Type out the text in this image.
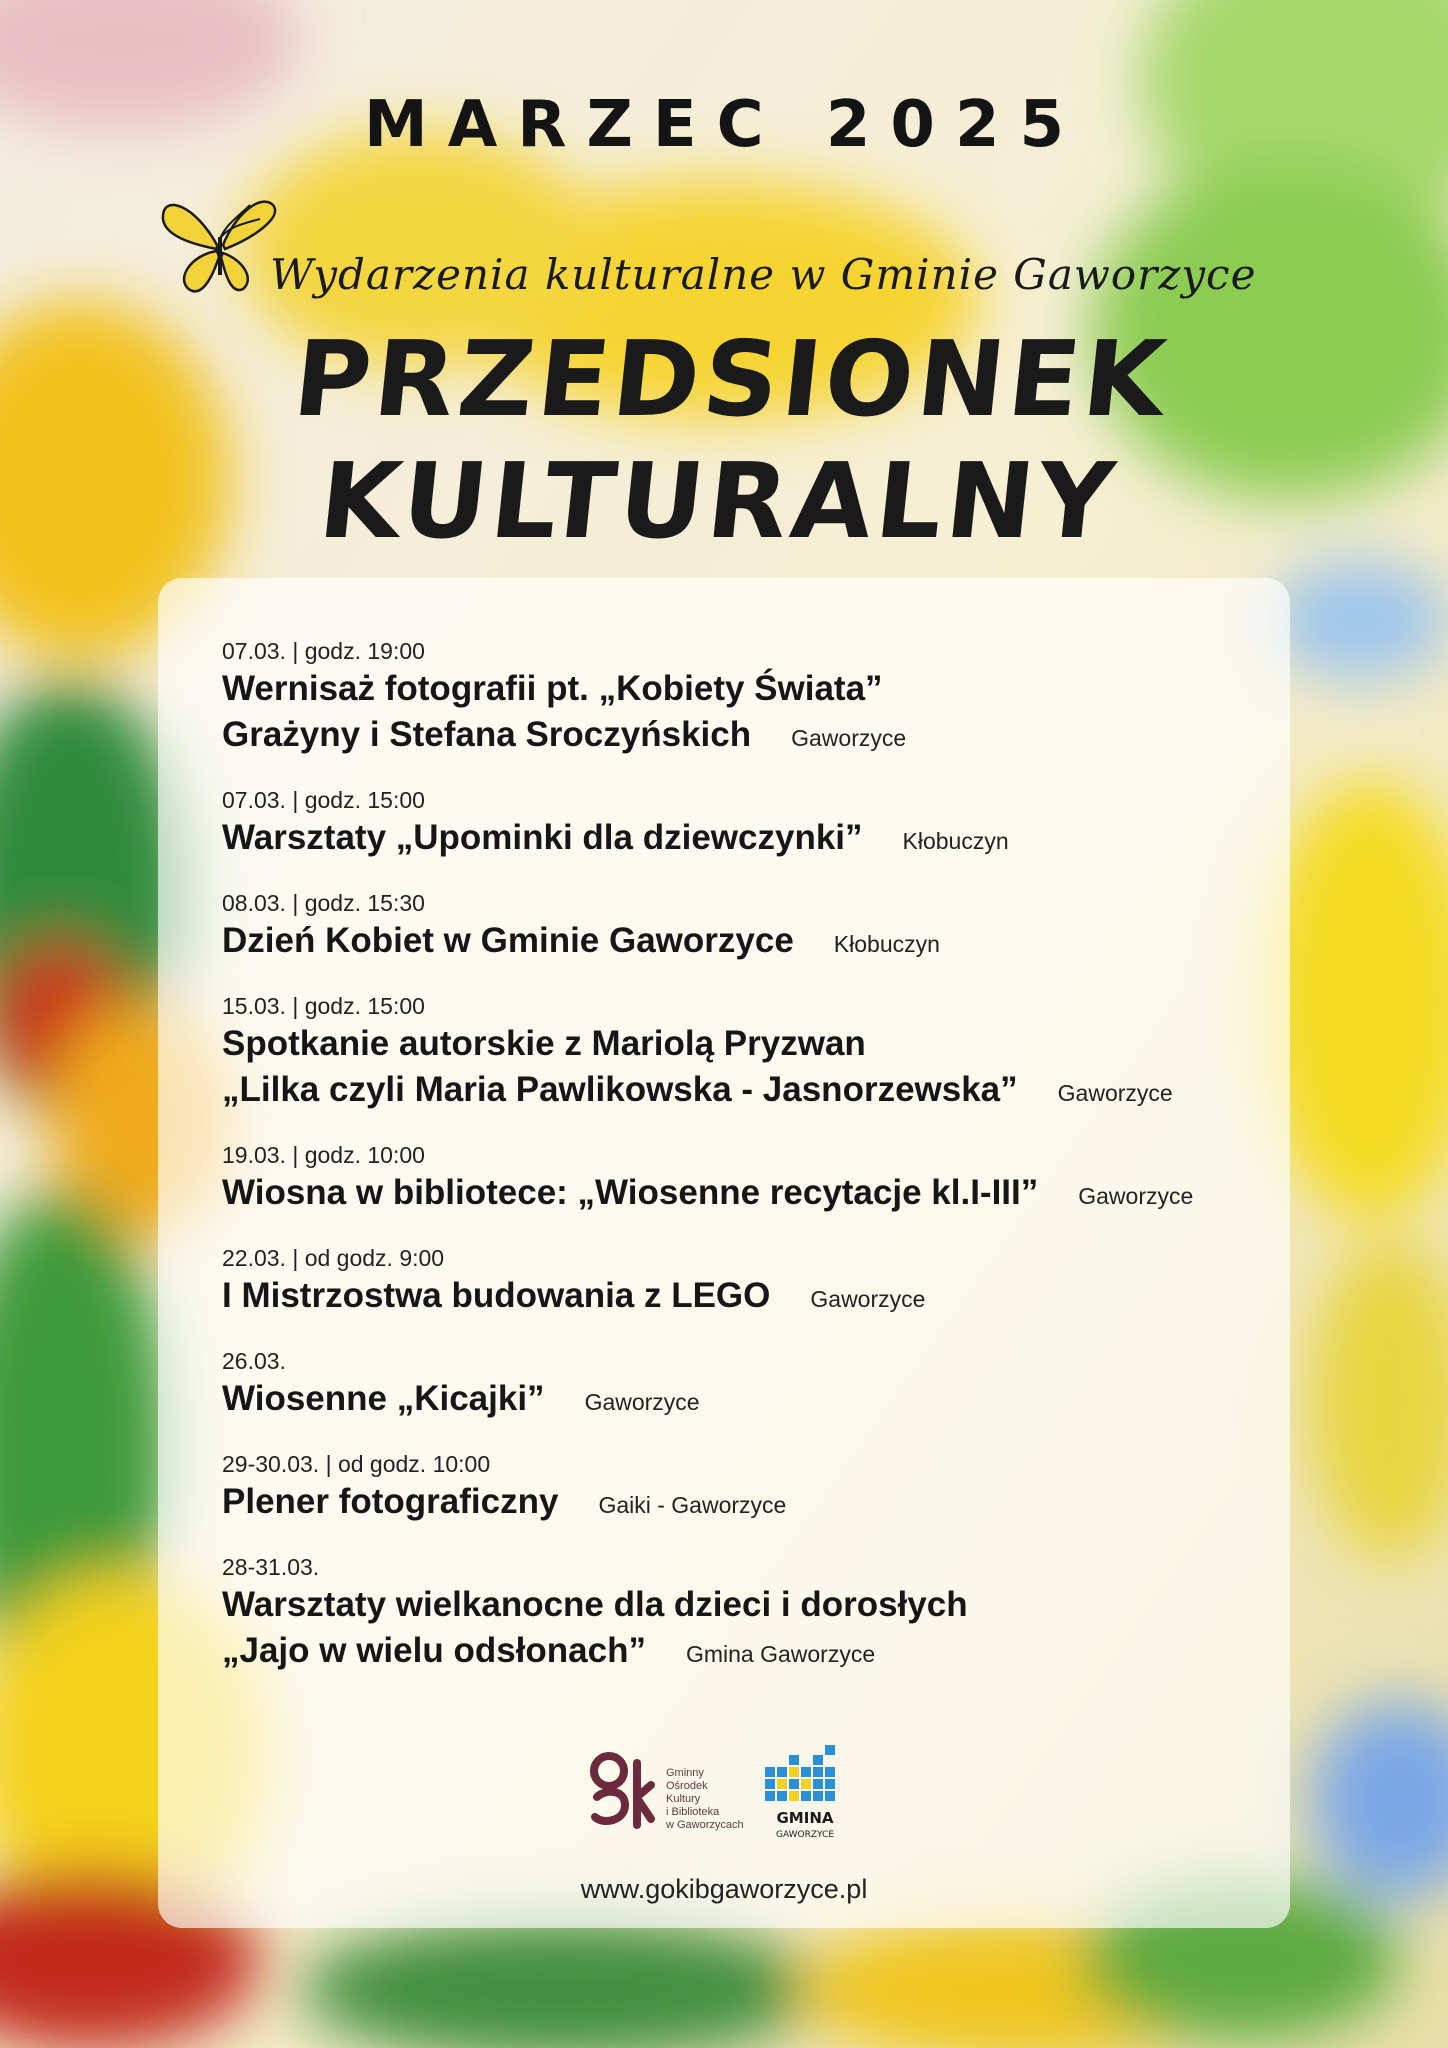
MARZEC 2025
Wydarzenia kulturalne w Gminie Gaworzyce
PRZEDSIONEK KULTURALNY
07.03. | godz. 19:00
Wernisaż fotografii pt. „Kobiety Świata”
Grażyny i Stefana Sroczyńskich Gaworzyce
07.03. | godz. 15:00
Warsztaty „Upominki dla dziewczynki” Kłobuczyn
08.03. | godz. 15:30
Dzień Kobiet w Gminie Gaworzyce Kłobuczyn
15.03. | godz. 15:00
Spotkanie autorskie z Mariolą Pryzwan
„Lilka czyli Maria Pawlikowska - Jasnorzewska” Gaworzyce
19.03. | godz. 10:00
Wiosna w bibliotece: „Wiosenne recytacje kl.I-III” Gaworzyce
22.03. | od godz. 9:00
I Mistrzostwa budowania z LEGO Gaworzyce
26.03.
Wiosenne „Kicajki” Gaworzyce
29-30.03. | od godz. 10:00
Plener fotograficzny Gaiki - Gaworzyce
28-31.03.
Warsztaty wielkanocne dla dzieci i dorosłych
„Jajo w wielu odsłonach” Gmina Gaworzyce
Gminny
Ośrodek
Kultury
i Biblioteka
w Gaworzycach GMINA
GAWORZYCE
www.gokibgaworzyce.pl
